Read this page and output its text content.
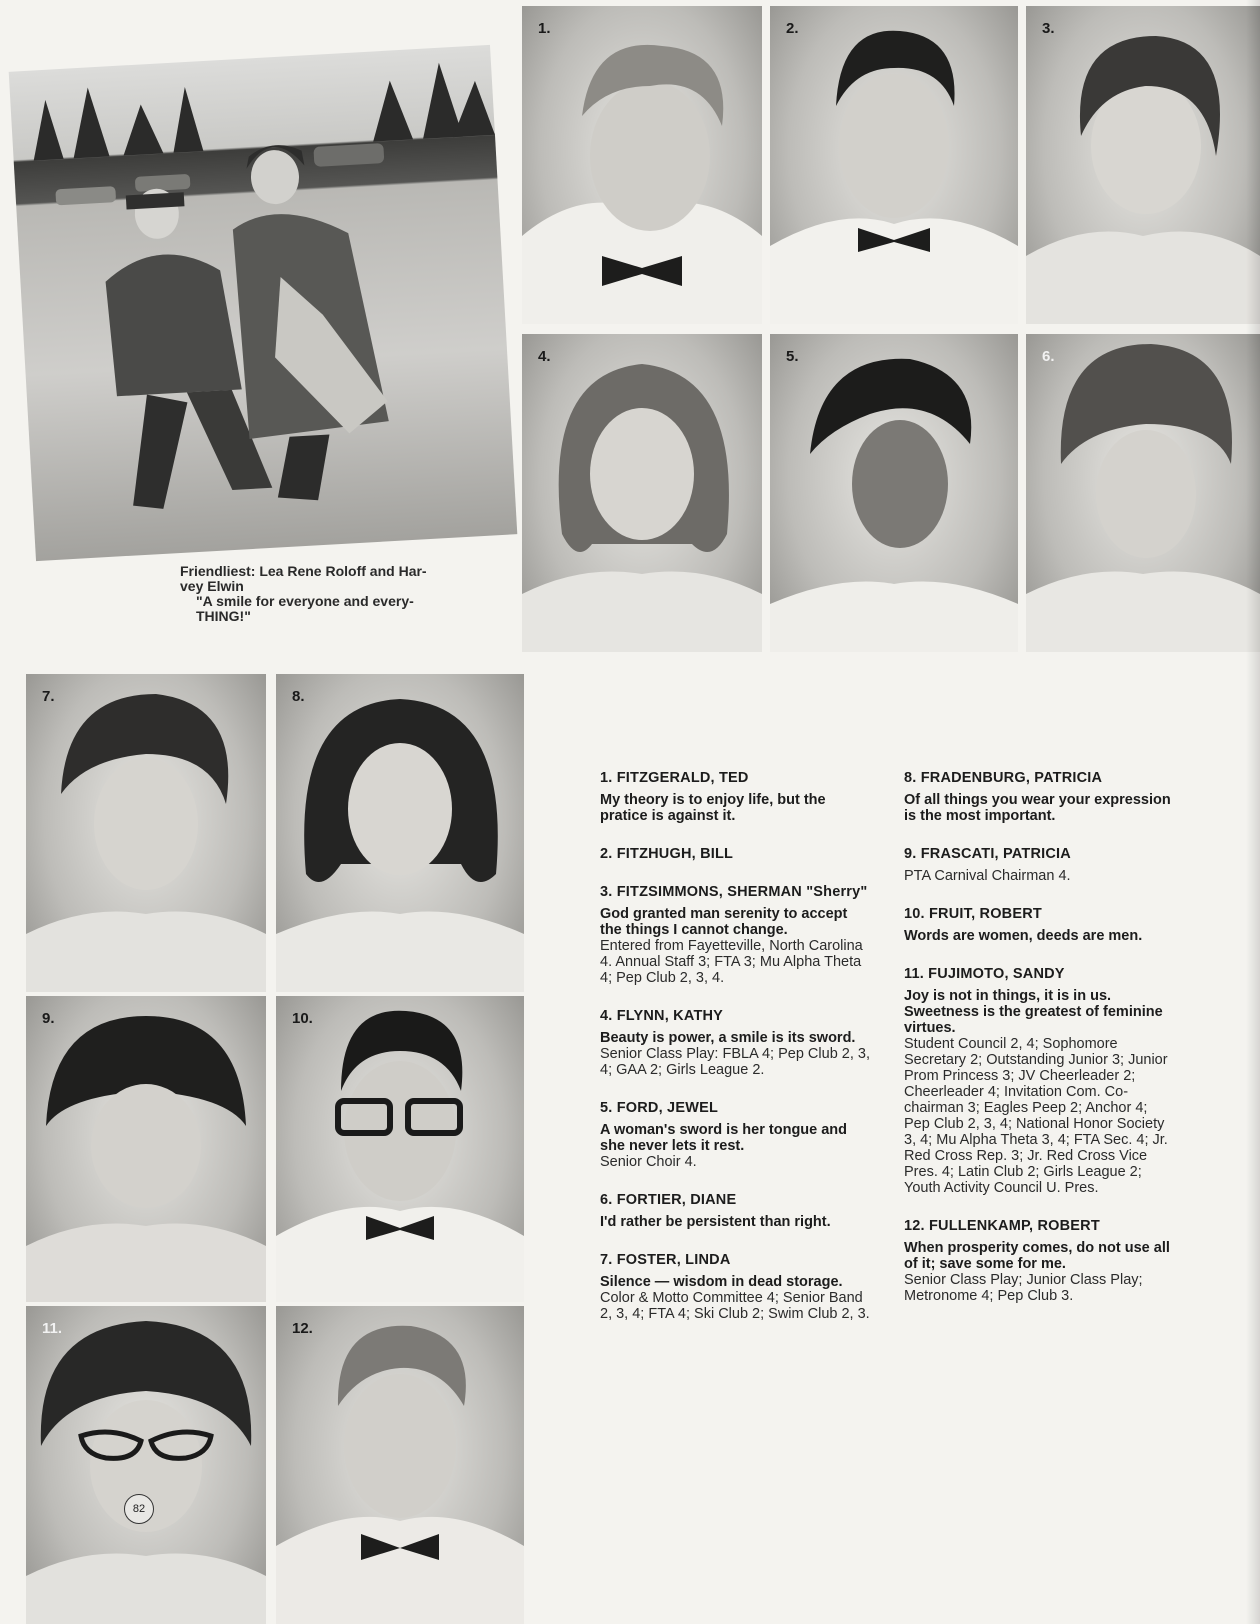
Friendliest: Lea Rene Roloff and Har-
vey Elwin
"A smile for everyone and every-
THING!"
1.	2.	3.
4.	5.	6.
7.	8.
9.	10.
11.
82
12.
1. FITZGERALD, TED

My theory is to enjoy life, but the pratice is against it.

2. FITZHUGH, BILL
3. FITZSIMMONS, SHERMAN "Sherry"

God granted man serenity to accept the things I cannot change.

Entered from Fayetteville, North Carolina 4. Annual Staff 3; FTA 3; Mu Alpha Theta 4; Pep Club 2, 3, 4.

4. FLYNN, KATHY

Beauty is power, a smile is its sword.

Senior Class Play: FBLA 4; Pep Club 2, 3, 4; GAA 2; Girls League 2.

5. FORD, JEWEL

A woman's sword is her tongue and she never lets it rest.

Senior Choir 4.

6. FORTIER, DIANE

I'd rather be persistent than right.

7. FOSTER, LINDA

Silence — wisdom in dead storage.

Color & Motto Committee 4; Senior Band 2, 3, 4; FTA 4; Ski Club 2; Swim Club 2, 3.

8. FRADENBURG, PATRICIA

Of all things you wear your expression is the most important.

9. FRASCATI, PATRICIA

PTA Carnival Chairman 4.

10. FRUIT, ROBERT

Words are women, deeds are men.

11. FUJIMOTO, SANDY

Joy is not in things, it is in us. Sweetness is the greatest of feminine virtues.

Student Council 2, 4; Sophomore Secretary 2; Outstanding Junior 3; Junior Prom Princess 3; JV Cheerleader 2; Cheerleader 4; Invitation Com. Co-chairman 3; Eagles Peep 2; Anchor 4; Pep Club 2, 3, 4; National Honor Society 3, 4; Mu Alpha Theta 3, 4; FTA Sec. 4; Jr. Red Cross Rep. 3; Jr. Red Cross Vice Pres. 4; Latin Club 2; Girls League 2; Youth Activity Council U. Pres.

12. FULLENKAMP, ROBERT

When prosperity comes, do not use all of it; save some for me.

Senior Class Play; Junior Class Play; Metronome 4; Pep Club 3.
